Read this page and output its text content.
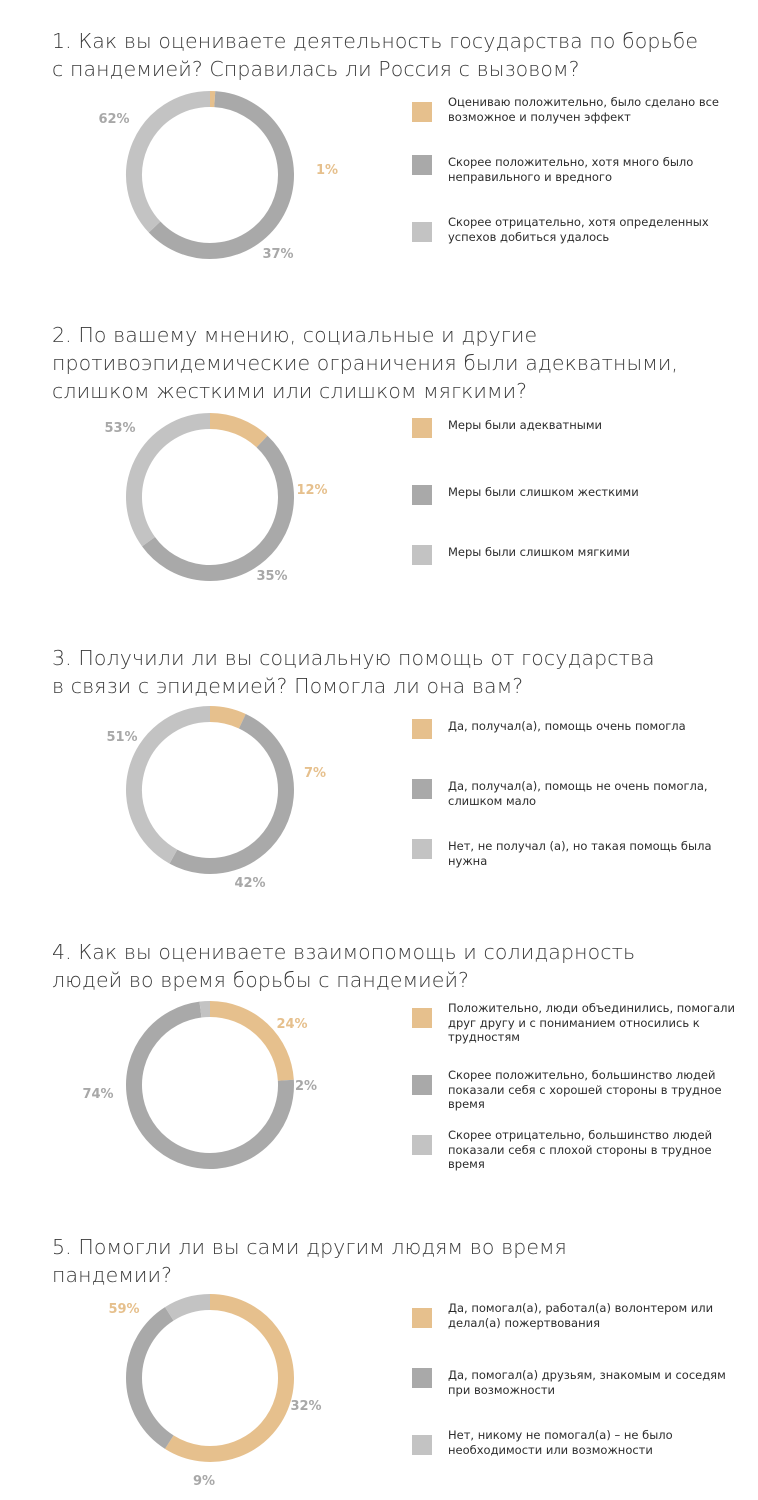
1. Как вы оцениваете деятельность государства по борьбе
с пандемией? Справилась ли Россия с вызовом?
1%
62%
37%
Оцениваю положительно, было сделано все возможное и получен эффект
Скорее положительно, хотя много было неправильного и вредного
Скорее отрицательно, хотя определенных успехов добиться удалось
2. По вашему мнению, социальные и другие
противоэпидемические ограничения были адекватными,
слишком жесткими или слишком мягкими?
12%
53%
35%
Меры были адекватными
Меры были слишком жесткими
Меры были слишком мягкими
3. Получили ли вы социальную помощь от государства
в связи с эпидемией? Помогла ли она вам?
7%
51%
42%
Да, получал(а), помощь очень помогла
Да, получал(а), помощь не очень помогла, слишком мало
Нет, не получал (а), но такая помощь была нужна
4. Как вы оцениваете взаимопомощь и солидарность
людей во время борьбы с пандемией?
24%
74%
2%
Положительно, люди объединились, помогали друг другу и с пониманием относились к трудностям
Скорее положительно, большинство людей показали себя с хорошей стороны в трудное время
Скорее отрицательно, большинство людей показали себя с плохой стороны в трудное время
5. Помогли ли вы сами другим людям во время
пандемии?
59%
32%
9%
Да, помогал(а), работал(а) волонтером или делал(а) пожертвования
Да, помогал(а) друзьям, знакомым и соседям при возможности
Нет, никому не помогал(а) – не было необходимости или возможности
